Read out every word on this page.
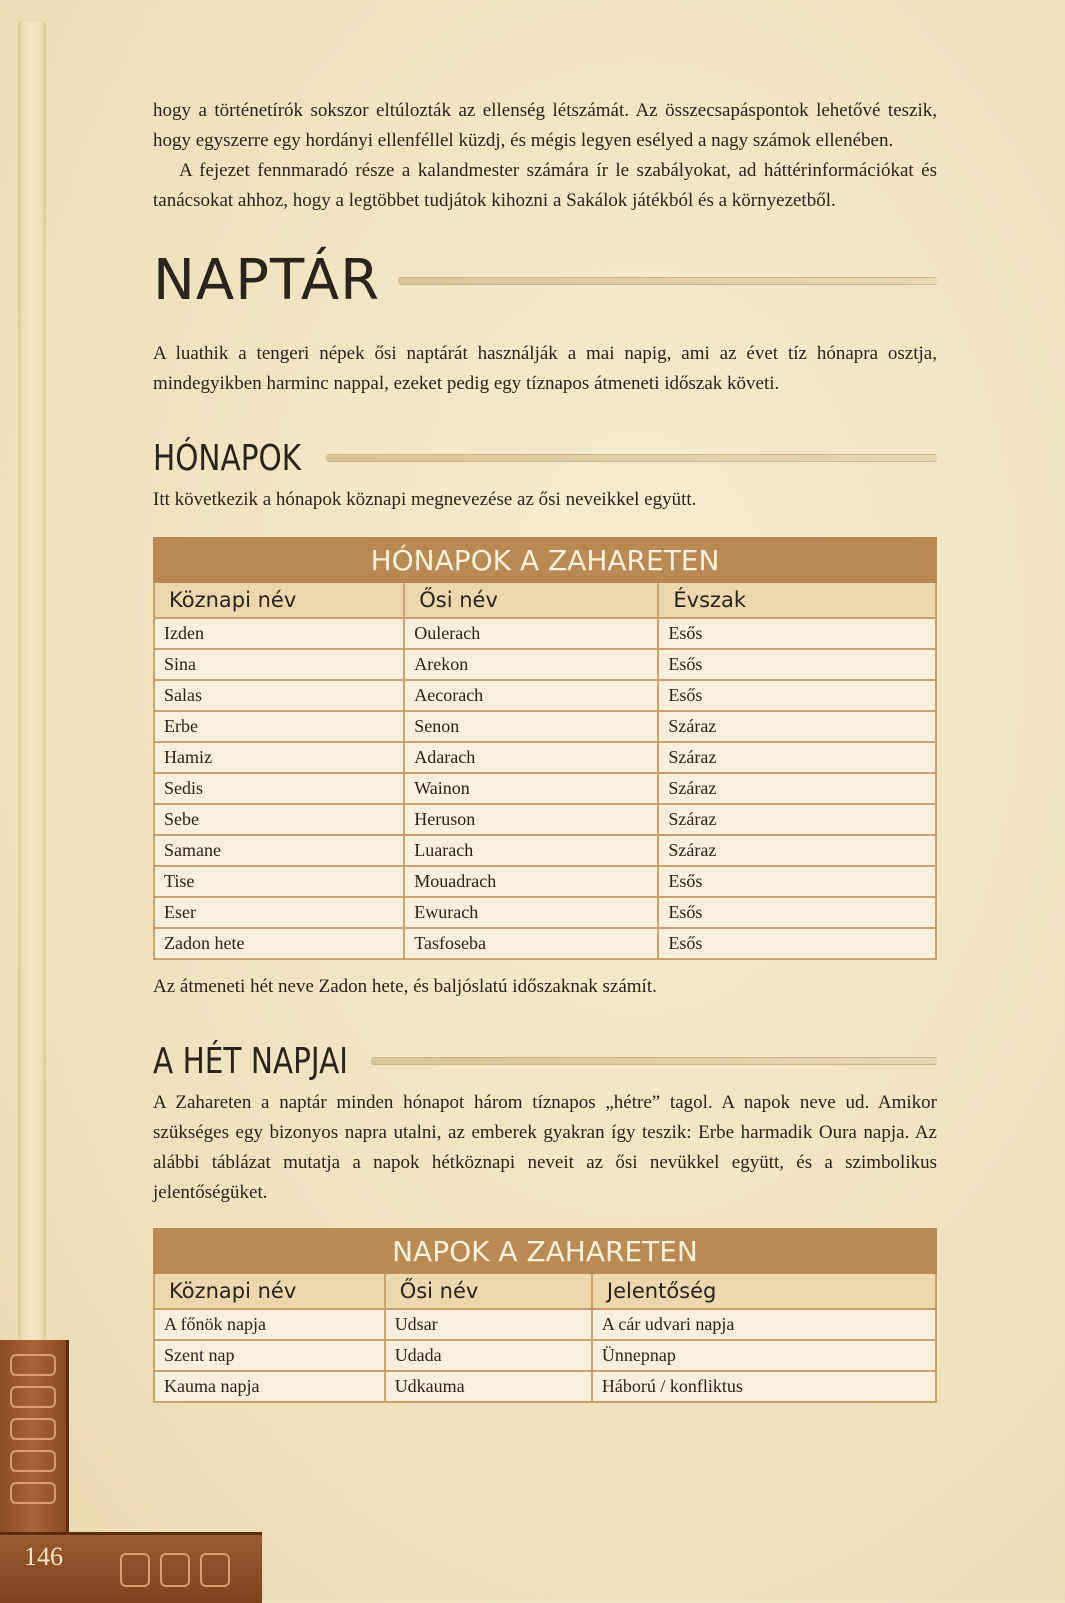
146

hogy a történetírók sokszor eltúlozták az ellenség létszámát. Az összecsapáspontok lehetővé teszik, hogy egyszerre egy hordányi ellenféllel küzdj, és mégis legyen esélyed a nagy számok ellenében.

A fejezet fennmaradó része a kalandmester számára ír le szabályokat, ad háttérinformációkat és tanácsokat ahhoz, hogy a legtöbbet tudjátok kihozni a Sakálok játékból és a környezetből.

NAPTÁR

A luathik a tengeri népek ősi naptárát használják a mai napig, ami az évet tíz hónapra osztja, mindegyikben harminc nappal, ezeket pedig egy tíznapos átmeneti időszak követi.

HÓNAPOK

Itt következik a hónapok köznapi megnevezése az ősi neveikkel együtt.

HÓNAPOK A ZAHARETEN		
Köznapi név	Ősi név	Évszak
Izden	Oulerach	Esős
Sina	Arekon	Esős
Salas	Aecorach	Esős
Erbe	Senon	Száraz
Hamiz	Adarach	Száraz
Sedis	Wainon	Száraz
Sebe	Heruson	Száraz
Samane	Luarach	Száraz
Tise	Mouadrach	Esős
Eser	Ewurach	Esős
Zadon hete	Tasfoseba	Esős

Az átmeneti hét neve Zadon hete, és baljóslatú időszaknak számít.

A HÉT NAPJAI

A Zahareten a naptár minden hónapot három tíznapos „hétre” tagol. A napok neve ud. Amikor szükséges egy bizonyos napra utalni, az emberek gyakran így teszik: Erbe harmadik Oura napja. Az alábbi táblázat mutatja a napok hétköznapi neveit az ősi nevükkel együtt, és a szimbolikus jelentőségüket.

NAPOK A ZAHARETEN		
Köznapi név	Ősi név	Jelentőség
A főnök napja	Udsar	A cár udvari napja
Szent nap	Udada	Ünnepnap
Kauma napja	Udkauma	Háború / konfliktus
